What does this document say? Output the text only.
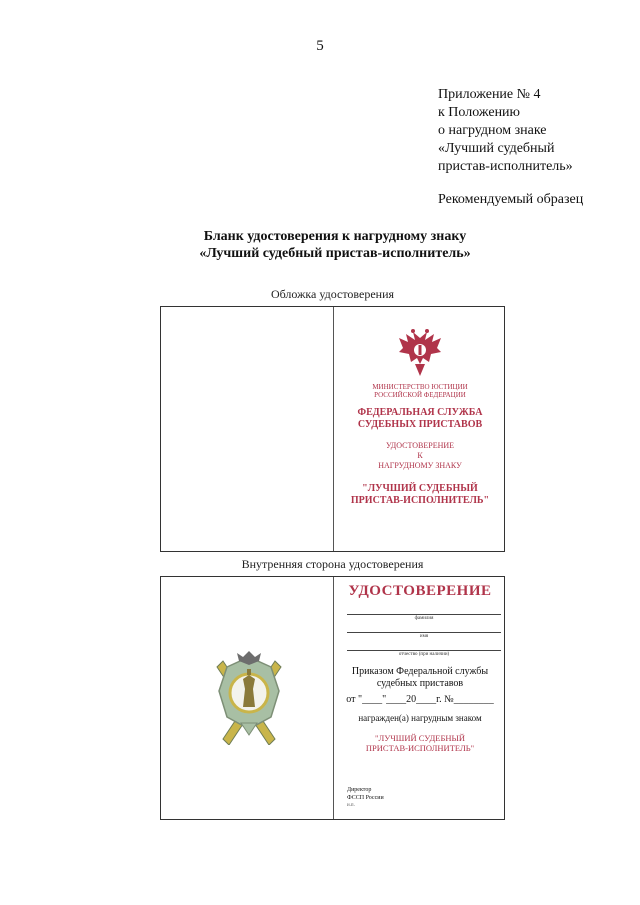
5
Приложение № 4
к Положению
о нагрудном знаке
«Лучший судебный
пристав-исполнитель»
Рекомендуемый образец
Бланк удостоверения к нагрудному знаку
«Лучший судебный пристав-исполнитель»
Обложка удостоверения
МИНИСТЕРСТВО ЮСТИЦИИ
РОССИЙСКОЙ ФЕДЕРАЦИИ
ФЕДЕРАЛЬНАЯ СЛУЖБА
СУДЕБНЫХ ПРИСТАВОВ
УДОСТОВЕРЕНИЕ
К
НАГРУДНОМУ ЗНАКУ
"ЛУЧШИЙ СУДЕБНЫЙ
ПРИСТАВ-ИСПОЛНИТЕЛЬ"
Внутренняя сторона удостоверения
УДОСТОВЕРЕНИЕ
фамилия
имя
отчество (при наличии)
Приказом Федеральной службы
судебных приставов
от "____"____20____г. №________
награжден(а) нагрудным знаком
"ЛУЧШИЙ СУДЕБНЫЙ
ПРИСТАВ-ИСПОЛНИТЕЛЬ"
Директор
ФССП России
и.п.
